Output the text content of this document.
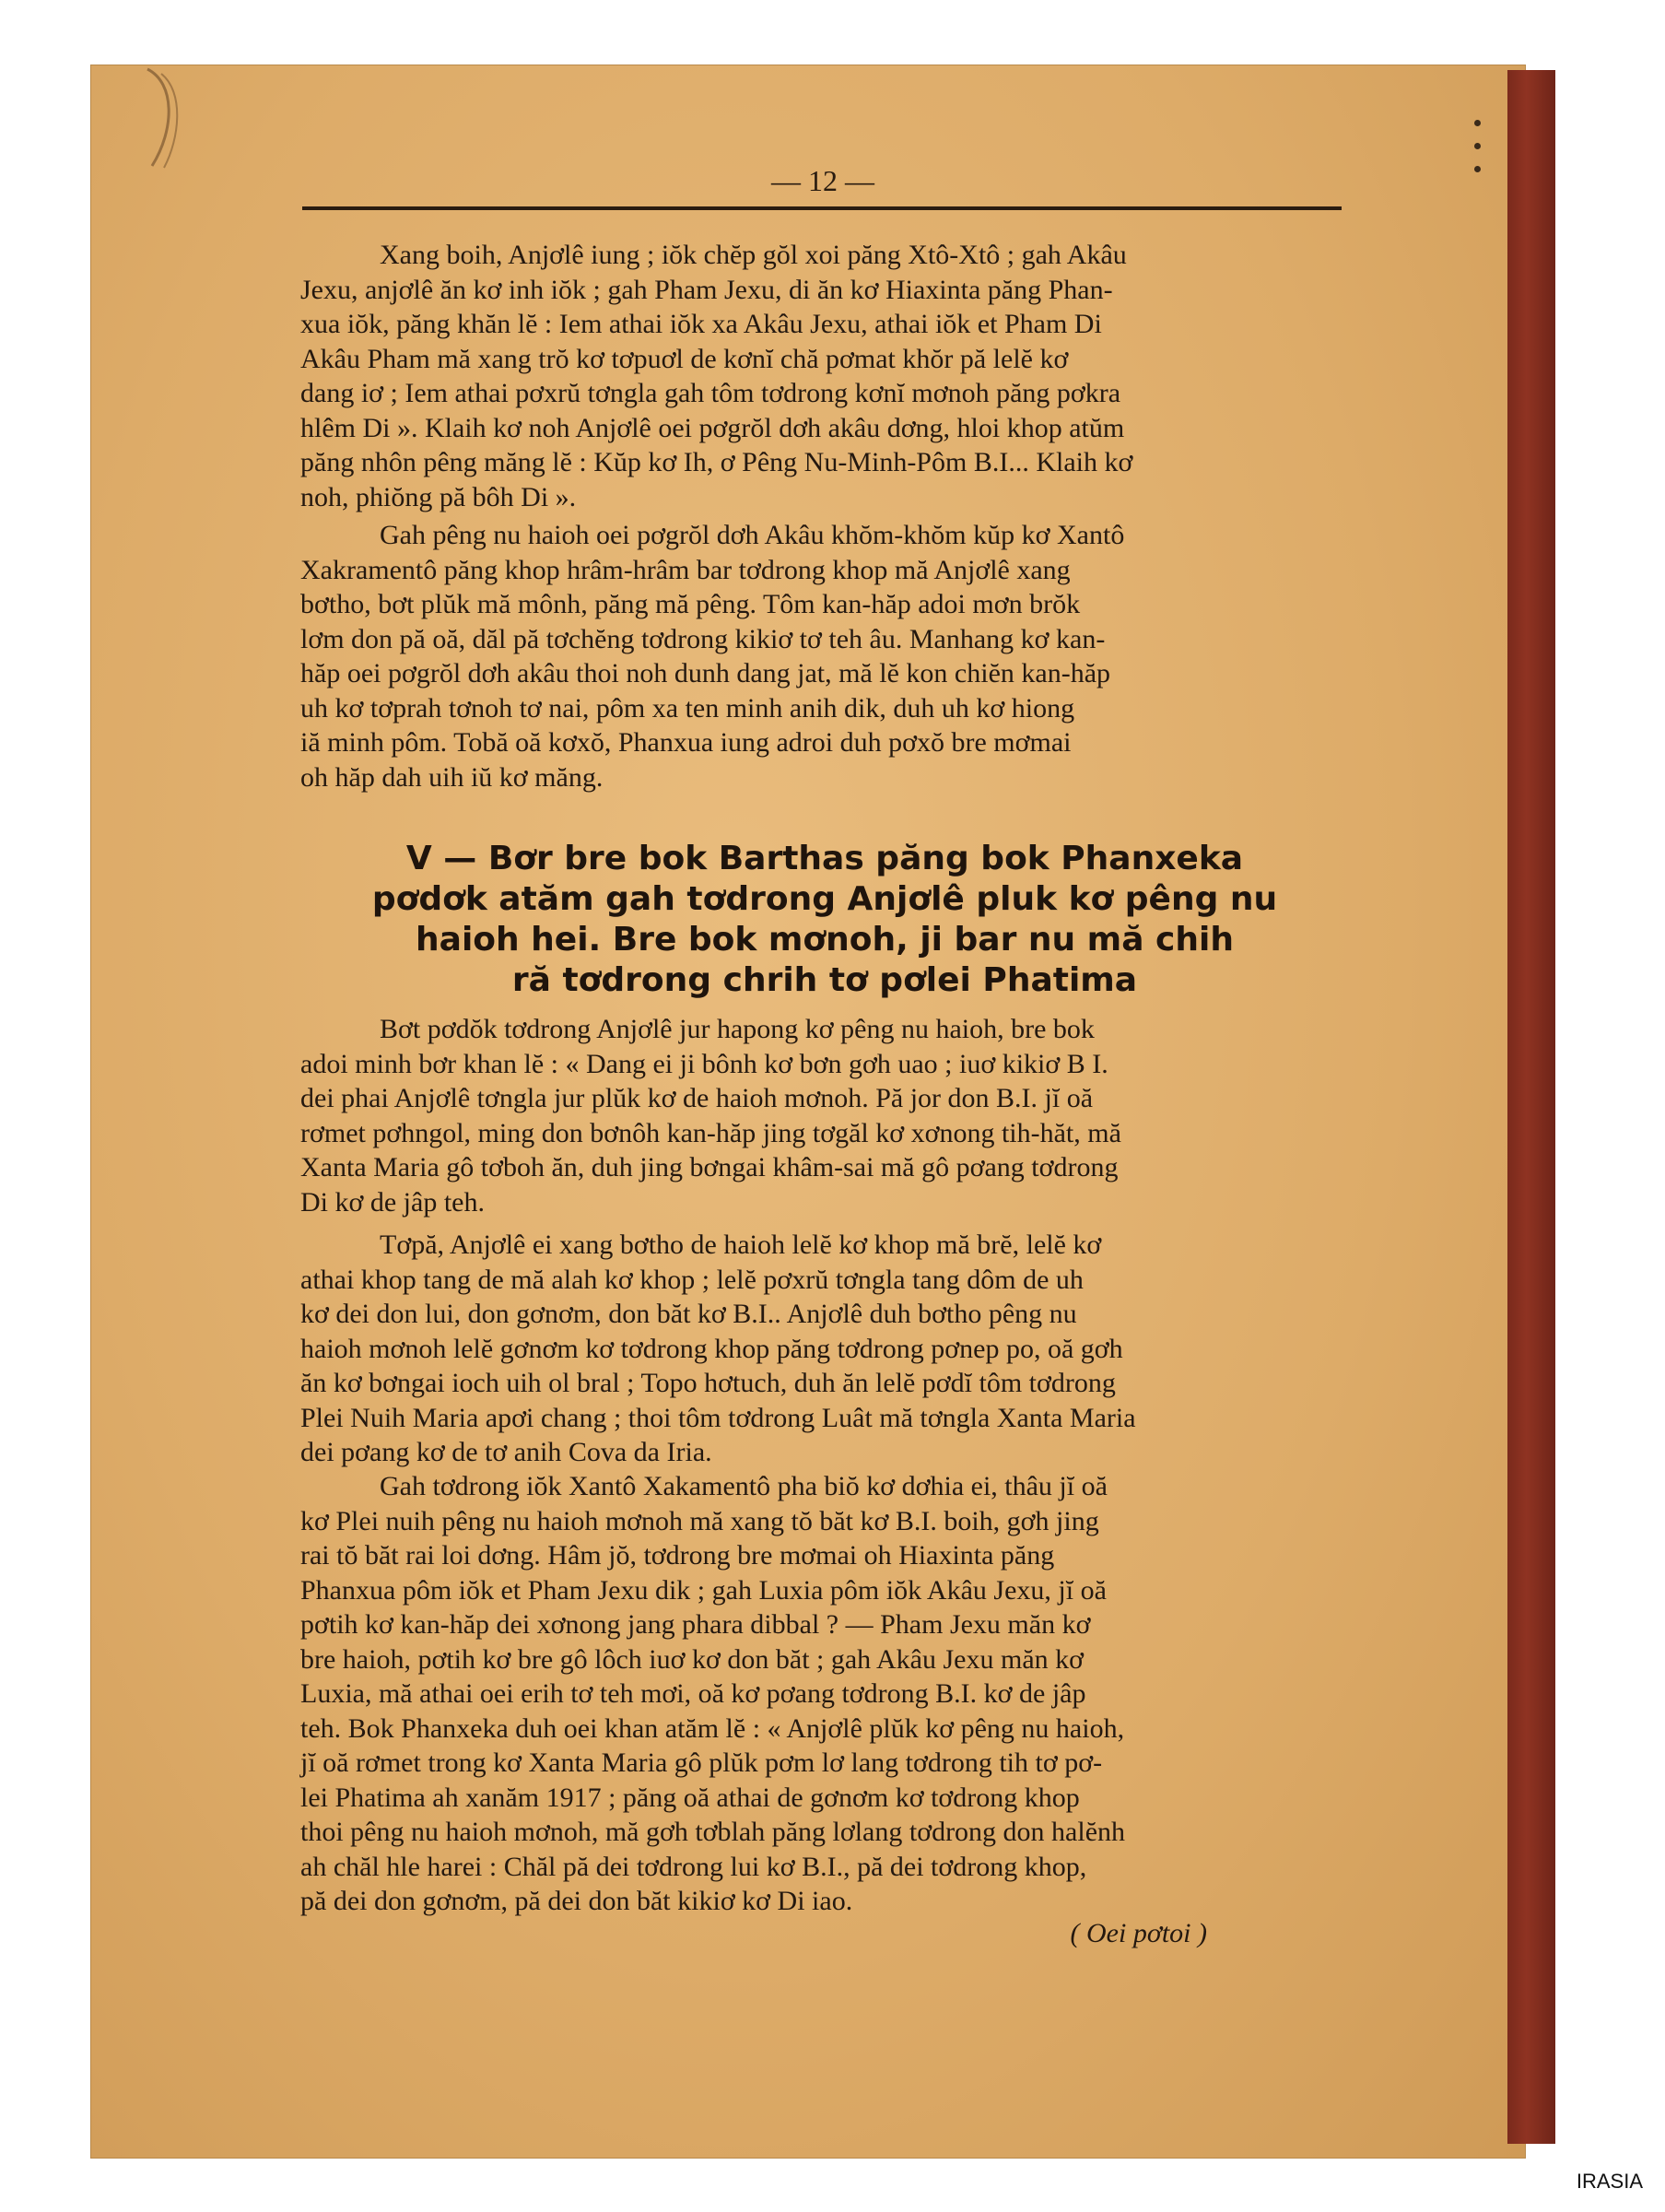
— 12 —
Xang boih, Anjơlê iung ; iŏk chĕp gŏl xoi păng Xtô-Xtô ; gah Akâu
Jexu, anjơlê ăn kơ inh iŏk ; gah Pham Jexu, di ăn kơ Hiaxinta păng Phan-
xua iŏk, păng khăn lĕ : Iem athai iŏk xa Akâu Jexu, athai iŏk et Pham Di
Akâu Pham mă xang trŏ kơ tơpuơl de kơnĭ chă pơmat khŏr pă lelĕ kơ
dang iơ ; Iem athai pơxrŭ tơngla gah tôm tơdrong kơnĭ mơnoh păng pơkra
hlêm Di ». Klaih kơ noh Anjơlê oei pơgrŏl dơh akâu dơng, hloi khop atŭm
păng nhôn pêng măng lĕ : Kŭp kơ Ih, ơ Pêng Nu-Minh-Pôm B.I... Klaih kơ
noh, phiŏng pă bôh Di ».
Gah pêng nu haioh oei pơgrŏl dơh Akâu khŏm-khŏm kŭp kơ Xantô
Xakramentô păng khop hrâm-hrâm bar tơdrong khop mă Anjơlê xang
bơtho, bơt plŭk mă mônh, păng mă pêng. Tôm kan-hăp adoi mơn brŏk
lơm don pă oă, dăl pă tơchĕng tơdrong kikiơ tơ teh âu. Manhang kơ kan-
hăp oei pơgrŏl dơh akâu thoi noh dunh dang jat, mă lĕ kon chiĕn kan-hăp
uh kơ tơprah tơnoh tơ nai, pôm xa ten minh anih dik, duh uh kơ hiong
iă minh pôm. Tobă oă kơxŏ, Phanxua iung adroi duh pơxŏ bre mơmai
oh hăp dah uih iŭ kơ măng.
V — Bơr bre bok Barthas păng bok Phanxeka
pơdơk atăm gah tơdrong Anjơlê pluk kơ pêng nu
haioh hei. Bre bok mơnoh, ji bar nu mă chih
ră tơdrong chrih tơ pơlei Phatima
Bơt pơdŏk tơdrong Anjơlê jur hapong kơ pêng nu haioh, bre bok
adoi minh bơr khan lĕ : « Dang ei ji bônh kơ bơn gơh uao ; iuơ kikiơ B I.
dei phai Anjơlê tơngla jur plŭk kơ de haioh mơnoh. Pă jor don B.I. jĭ oă
rơmet pơhngol, ming don bơnôh kan-hăp jing tơgăl kơ xơnong tih-hăt, mă
Xanta Maria gô tơboh ăn, duh jing bơngai khâm-sai mă gô pơang tơdrong
Di kơ de jâp teh.
Tơpă, Anjơlê ei xang bơtho de haioh lelĕ kơ khop mă brĕ, lelĕ kơ
athai khop tang de mă alah kơ khop ; lelĕ pơxrŭ tơngla tang dôm de uh
kơ dei don lui, don gơnơm, don băt kơ B.I.. Anjơlê duh bơtho pêng nu
haioh mơnoh lelĕ gơnơm kơ tơdrong khop păng tơdrong pơnep po, oă gơh
ăn kơ bơngai ioch uih ol bral ; Topo hơtuch, duh ăn lelĕ pơdĭ tôm tơdrong
Plei Nuih Maria apơi chang ; thoi tôm tơdrong Luât mă tơngla Xanta Maria
dei pơang kơ de tơ anih Cova da Iria.
Gah tơdrong iŏk Xantô Xakamentô pha biŏ kơ dơhia ei, thâu jĭ oă
kơ Plei nuih pêng nu haioh mơnoh mă xang tŏ băt kơ B.I. boih, gơh jing
rai tŏ băt rai loi dơng. Hâm jŏ, tơdrong bre mơmai oh Hiaxinta păng
Phanxua pôm iŏk et Pham Jexu dik ; gah Luxia pôm iŏk Akâu Jexu, jĭ oă
pơtih kơ kan-hăp dei xơnong jang phara dibbal ? — Pham Jexu măn kơ
bre haioh, pơtih kơ bre gô lôch iuơ kơ don băt ; gah Akâu Jexu măn kơ
Luxia, mă athai oei erih tơ teh mơi, oă kơ pơang tơdrong B.I. kơ de jâp
teh. Bok Phanxeka duh oei khan atăm lĕ : « Anjơlê plŭk kơ pêng nu haioh,
jĭ oă rơmet trong kơ Xanta Maria gô plŭk pơm lơ lang tơdrong tih tơ pơ-
lei Phatima ah xanăm 1917 ; păng oă athai de gơnơm kơ tơdrong khop
thoi pêng nu haioh mơnoh, mă gơh tơblah păng lơlang tơdrong don halĕnh
ah chăl hle harei : Chăl pă dei tơdrong lui kơ B.I., pă dei tơdrong khop,
pă dei don gơnơm, pă dei don băt kikiơ kơ Di iao.
( Oei pơtoi )
IRASIA
